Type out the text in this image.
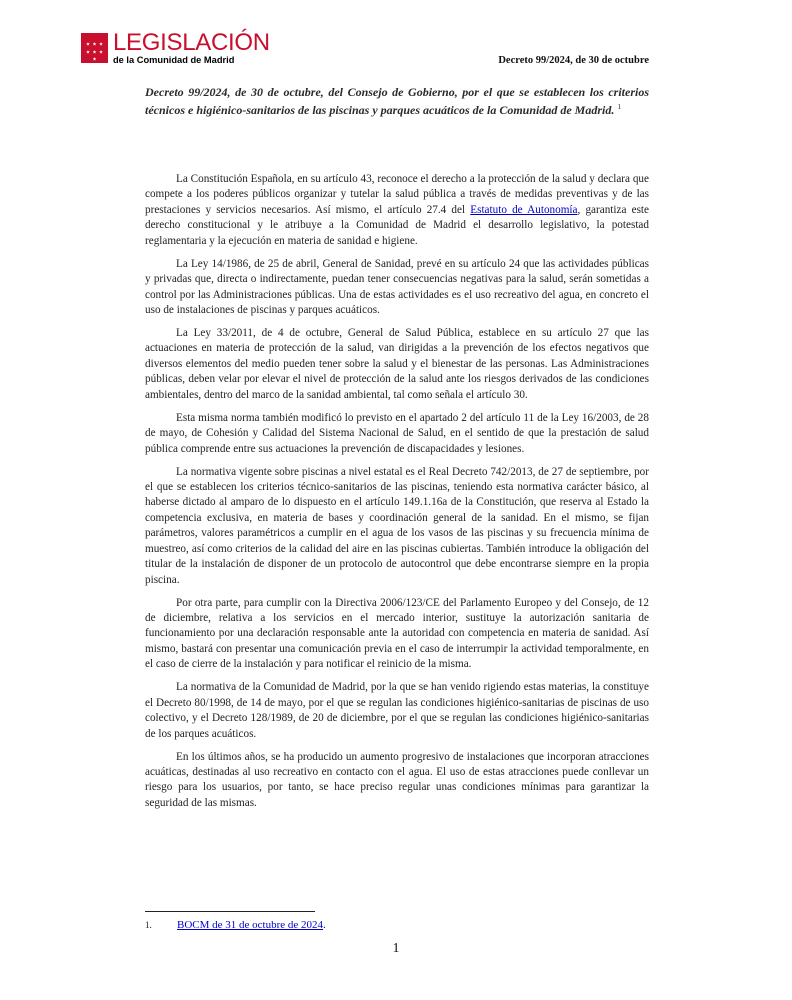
LEGISLACIÓN
de la Comunidad de Madrid	Decreto 99/2024, de 30 de octubre
Decreto 99/2024, de 30 de octubre, del Consejo de Gobierno, por el que se establecen los criterios técnicos e higiénico-sanitarios de las piscinas y parques acuáticos de la Comunidad de Madrid. $^1$

La Constitución Española, en su artículo 43, reconoce el derecho a la protección de la salud y declara que compete a los poderes públicos organizar y tutelar la salud pública a través de medidas preventivas y de las prestaciones y servicios necesarios. Así mismo, el artículo 27.4 del Estatuto de Autonomía, garantiza este derecho constitucional y le atribuye a la Comunidad de Madrid el desarrollo legislativo, la potestad reglamentaria y la ejecución en materia de sanidad e higiene.

La Ley 14/1986, de 25 de abril, General de Sanidad, prevé en su artículo 24 que las actividades públicas y privadas que, directa o indirectamente, puedan tener consecuencias negativas para la salud, serán sometidas a control por las Administraciones públicas. Una de estas actividades es el uso recreativo del agua, en concreto el uso de instalaciones de piscinas y parques acuáticos.

La Ley 33/2011, de 4 de octubre, General de Salud Pública, establece en su artículo 27 que las actuaciones en materia de protección de la salud, van dirigidas a la prevención de los efectos negativos que diversos elementos del medio pueden tener sobre la salud y el bienestar de las personas. Las Administraciones públicas, deben velar por elevar el nivel de protección de la salud ante los riesgos derivados de las condiciones ambientales, dentro del marco de la sanidad ambiental, tal como señala el artículo 30.

Esta misma norma también modificó lo previsto en el apartado 2 del artículo 11 de la Ley 16/2003, de 28 de mayo, de Cohesión y Calidad del Sistema Nacional de Salud, en el sentido de que la prestación de salud pública comprende entre sus actuaciones la prevención de discapacidades y lesiones.

La normativa vigente sobre piscinas a nivel estatal es el Real Decreto 742/2013, de 27 de septiembre, por el que se establecen los criterios técnico-sanitarios de las piscinas, teniendo esta normativa carácter básico, al haberse dictado al amparo de lo dispuesto en el artículo 149.1.16a de la Constitución, que reserva al Estado la competencia exclusiva, en materia de bases y coordinación general de la sanidad. En el mismo, se fijan parámetros, valores paramétricos a cumplir en el agua de los vasos de las piscinas y su frecuencia mínima de muestreo, así como criterios de la calidad del aire en las piscinas cubiertas. También introduce la obligación del titular de la instalación de disponer de un protocolo de autocontrol que debe encontrarse siempre en la propia piscina.

Por otra parte, para cumplir con la Directiva 2006/123/CE del Parlamento Europeo y del Consejo, de 12 de diciembre, relativa a los servicios en el mercado interior, sustituye la autorización sanitaria de funcionamiento por una declaración responsable ante la autoridad con competencia en materia de sanidad. Así mismo, bastará con presentar una comunicación previa en el caso de interrumpir la actividad temporalmente, en el caso de cierre de la instalación y para notificar el reinicio de la misma.

La normativa de la Comunidad de Madrid, por la que se han venido rigiendo estas materias, la constituye el Decreto 80/1998, de 14 de mayo, por el que se regulan las condiciones higiénico-sanitarias de piscinas de uso colectivo, y el Decreto 128/1989, de 20 de diciembre, por el que se regulan las condiciones higiénico-sanitarias de los parques acuáticos.

En los últimos años, se ha producido un aumento progresivo de instalaciones que incorporan atracciones acuáticas, destinadas al uso recreativo en contacto con el agua. El uso de estas atracciones puede conllevar un riesgo para los usuarios, por tanto, se hace preciso regular unas condiciones mínimas para garantizar la seguridad de las mismas.

1. BOCM de 31 de octubre de 2024.
1
